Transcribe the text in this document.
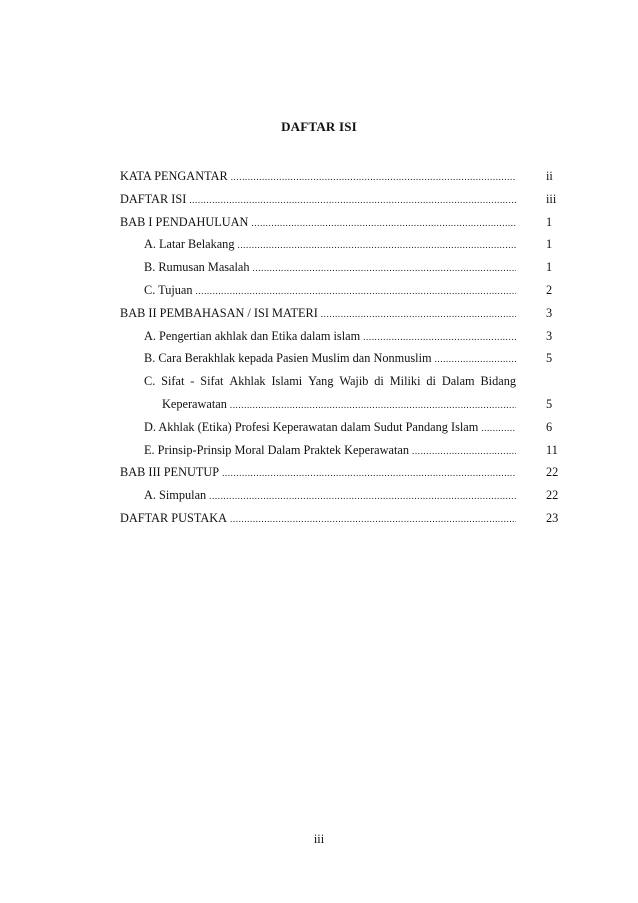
DAFTAR ISI
KATA PENGANTAR .....	ii
DAFTAR ISI .....	iii
BAB I PENDAHULUAN .....	1
A. Latar Belakang .....	1
B. Rumusan Masalah .....	1
C. Tujuan .....	2
BAB II PEMBAHASAN / ISI MATERI .....	3
A. Pengertian akhlak dan Etika dalam islam .....	3
B. Cara Berakhlak kepada Pasien Muslim dan Nonmuslim .....	5
C. Sifat - Sifat Akhlak Islami Yang Wajib di Miliki di Dalam Bidang
Keperawatan .....	5
D. Akhlak (Etika) Profesi Keperawatan dalam Sudut Pandang Islam .....	6
E. Prinsip-Prinsip Moral Dalam Praktek Keperawatan .....	11
BAB III PENUTUP .....	22
A. Simpulan .....	22
DAFTAR PUSTAKA .....	23
iii
